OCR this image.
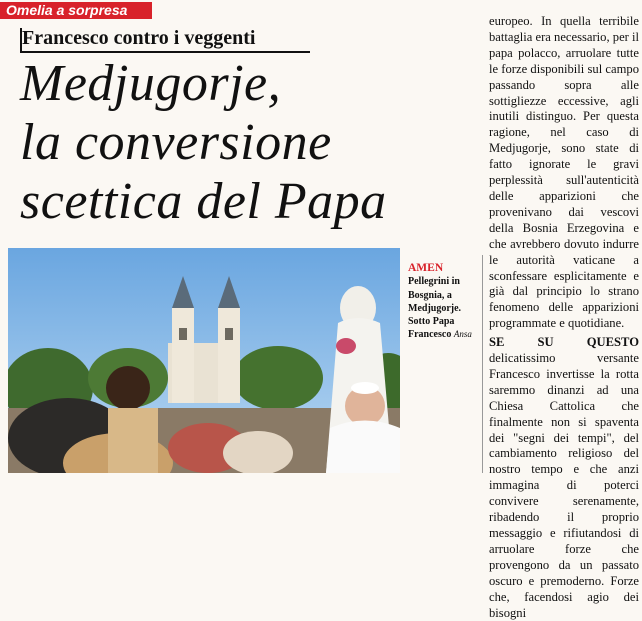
Omelia a sorpresa
Francesco contro i veggenti
Medjugorje,
la conversione
scettica del Papa
AMEN Pellegrini in Bosgnia, a Medjugorje. Sotto Papa Francesco Ansa

europeo. In quella terribile battaglia era necessario, per il papa polacco, arruolare tutte le forze disponibili sul campo passando sopra alle sottigliezze eccessive, agli inutili distinguo. Per questa ragione, nel caso di Medjugorje, sono state di fatto ignorate le gravi perplessità sull'autenticità delle apparizioni che provenivano dai vescovi della Bosnia Erzegovina e che avrebbero dovuto indurre le autorità vaticane a sconfessare esplicitamente e già dal principio lo strano fenomeno delle apparizioni programmate e quotidiane.

SE SU QUESTO delicatissimo versante Francesco invertisse la rotta saremmo dinanzi ad una Chiesa Cattolica che finalmente non si spaventa dei "segni dei tempi", del cambiamento religioso del nostro tempo e che anzi immagina di poterci convivere serenamente, ribadendo il proprio messaggio e rifiutandosi di arruolare forze che provengono da un passato oscuro e premoderno. Forze che, facendosi agio dei bisogni
